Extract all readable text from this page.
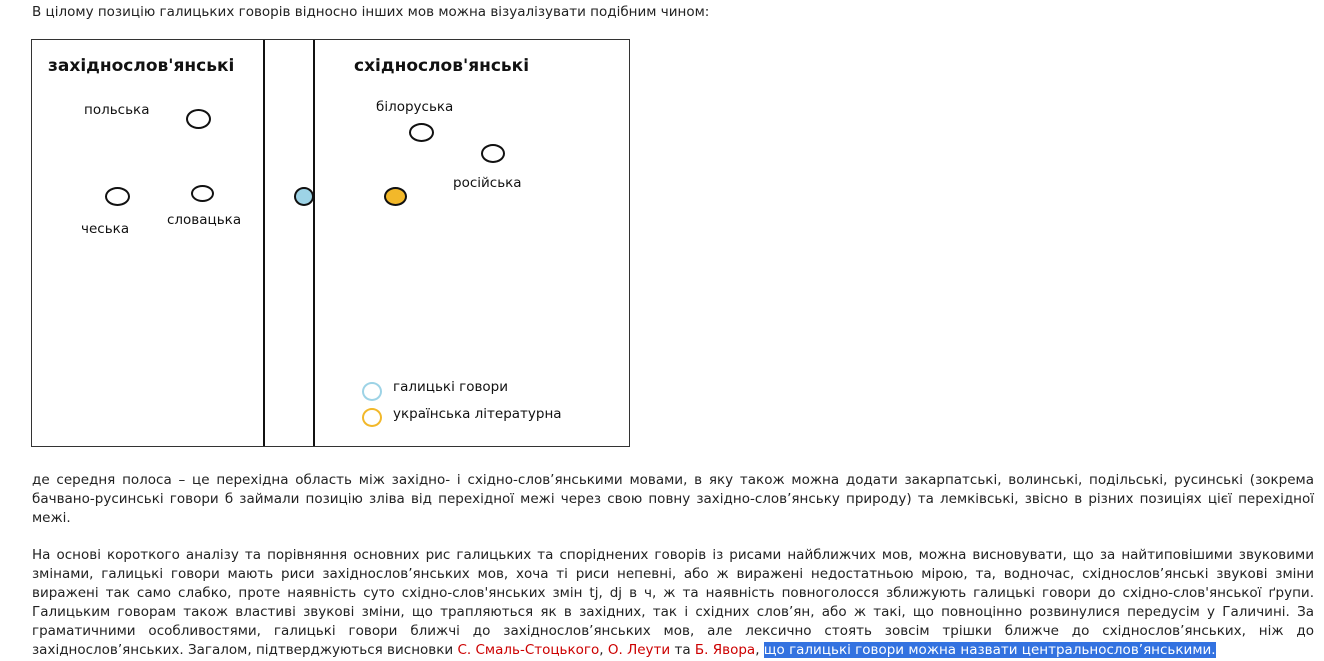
В цілому позицію галицьких говорів відносно інших мов можна візуалізувати подібним чином:

західнослов'янські	східнослов'янські
польська
чеська
словацька
білоруська
російська
галицькі говори
українська літературна

де середня полоса – це перехідна область між західно- і східно-слов’янськими мовами, в яку також можна додати закарпатські, волинські, подільські, русинські (зокрема бачвано-русинські говори б займали позицію зліва від перехідної межі через свою повну західно-слов’янську природу) та лемківські, звісно в різних позиціях цієї перехідної межі.

На основі короткого аналізу та порівняння основних рис галицьких та споріднених говорів із рисами найближчих мов, можна висновувати, що за найтиповішими звуковими змінами, галицькі говори мають риси західнослов’янських мов, хоча ті риси непевні, або ж виражені недостатньою мірою, та, водночас, східнослов’янські звукові зміни виражені так само слабко, проте наявність суто східно-слов'янських змін tj, dj в ч, ж та наявність повноголосся зближують галицькі говори до східно-слов'янської ґрупи. Галицьким говорам також властиві звукові зміни, що трапляються як в західних, так і східних слов’ян, або ж такі, що повноцінно розвинулися передусім у Галичині. За граматичними особливостями, галицькі говори ближчі до західнослов’янських мов, але лексично стоять зовсім трішки ближче до східнослов’янських, ніж до західнослов’янських. Загалом, підтверджуються висновки С. Смаль-Стоцького, О. Леути та Б. Явора, що галицькі говори можна назвати центральнослов’янськими.
